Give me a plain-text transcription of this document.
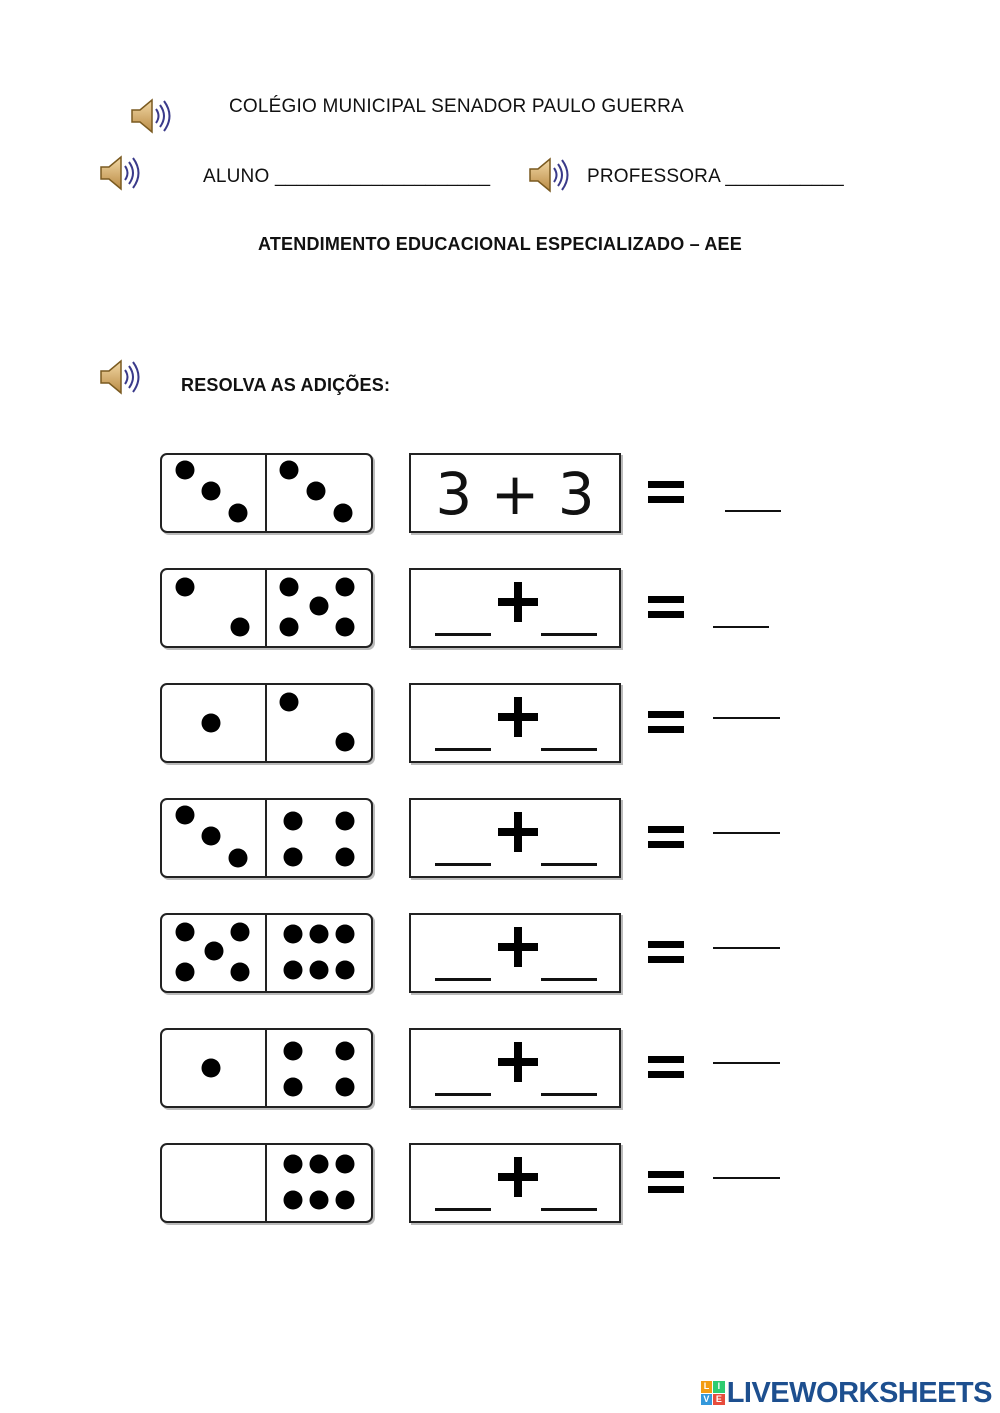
COLÉGIO MUNICIPAL SENADOR PAULO GUERRA
ALUNO ____________________	PROFESSORA ___________
ATENDIMENTO EDUCACIONAL ESPECIALIZADO – AEE
RESOLVA AS ADIÇÕES:
3 + 3
L I
V E LIVEWORKSHEETS
